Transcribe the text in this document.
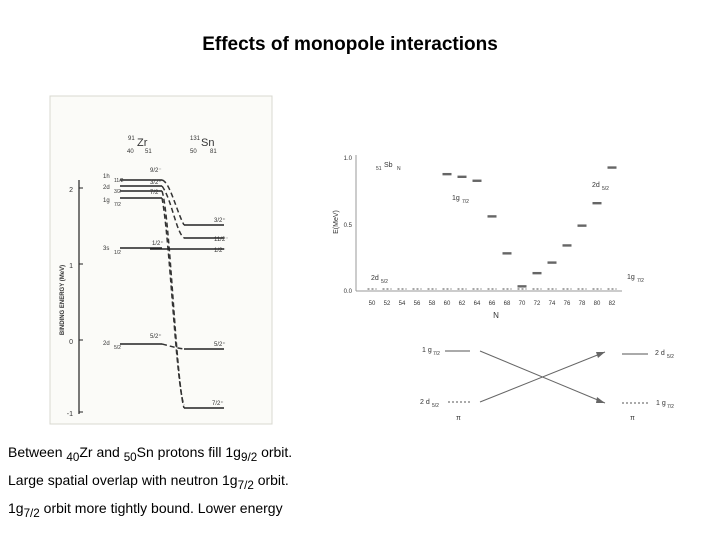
Effects of monopole interactions
2
1
0
-1
BINDING ENERGY (MeV)
91 Zr
40 51
131 Sn
50 81
1h
11/2
2d
3/2
1g
7/2
3s
1/2
2d
5/2
9/2⁻
3/2⁺
7/2⁺
1/2⁺
5/2⁺
3/2⁺
11/2⁻
1/2⁺
5/2⁺
7/2⁺
1.0
0.5
0.0
E(MeV)
N
51 Sb N
2d 5/2
1g 7/2
2d 5/2
1g 7/2
50 52 54 56 58 60 62 64 66 68 70 72 74 76 78 80 82
1 g 7/2
2 d 5/2
2 d 5/2
1 g 7/2
π	π
Between $_{40}$Zr and $_{50}$Sn protons fill $1g_{9/2}$ orbit.
Large spatial overlap with neutron $1g_{7/2}$ orbit.
$1g_{7/2}$ orbit more tightly bound. Lower energy
